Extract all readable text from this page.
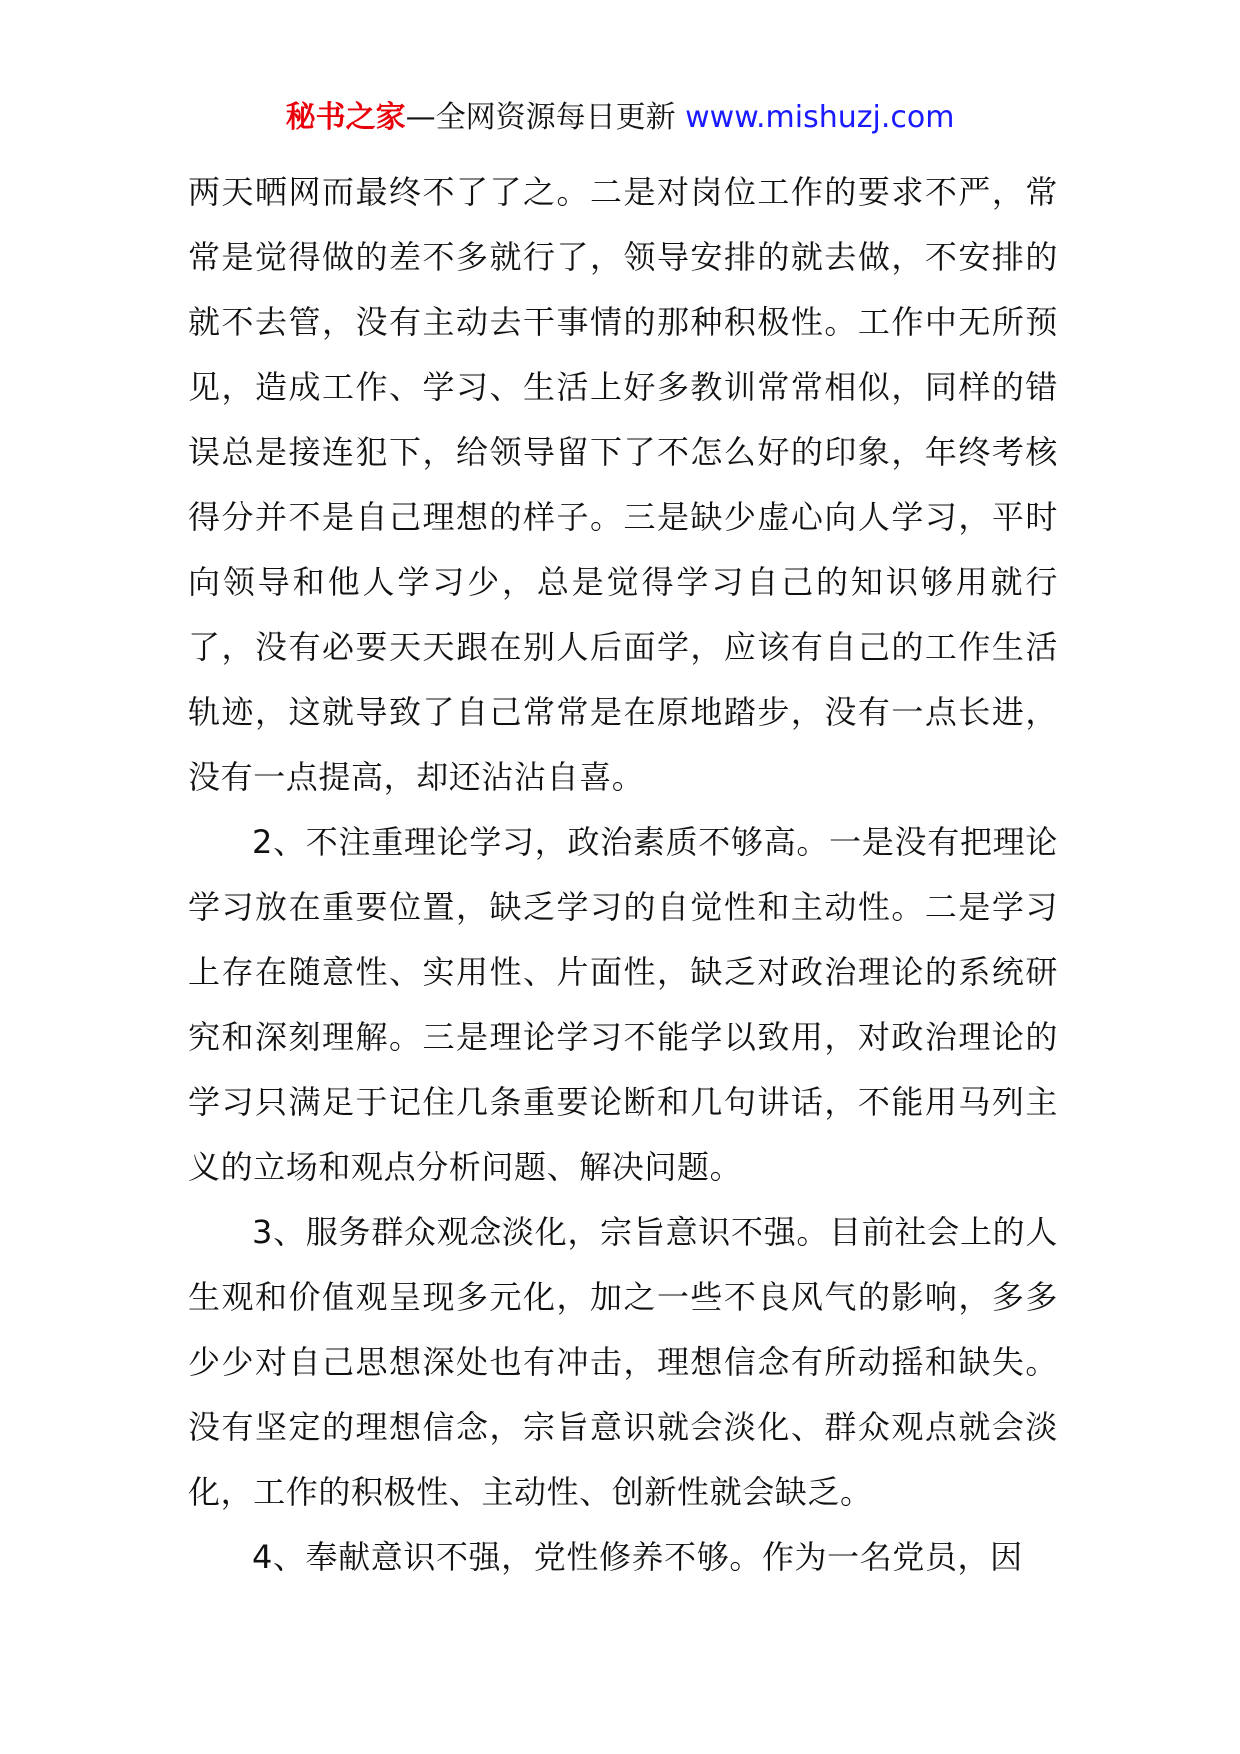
秘书之家—全网资源每日更新 www.mishuzj.com

两天晒网而最终不了了之。二是对岗位工作的要求不严，常常是觉得做的差不多就行了，领导安排的就去做，不安排的就不去管，没有主动去干事情的那种积极性。工作中无所预见，造成工作、学习、生活上好多教训常常相似，同样的错误总是接连犯下，给领导留下了不怎么好的印象，年终考核得分并不是自己理想的样子。三是缺少虚心向人学习，平时向领导和他人学习少，总是觉得学习自己的知识够用就行了，没有必要天天跟在别人后面学，应该有自己的工作生活轨迹，这就导致了自己常常是在原地踏步，没有一点长进，没有一点提高，却还沾沾自喜。

2、不注重理论学习，政治素质不够高。一是没有把理论学习放在重要位置，缺乏学习的自觉性和主动性。二是学习上存在随意性、实用性、片面性，缺乏对政治理论的系统研究和深刻理解。三是理论学习不能学以致用，对政治理论的学习只满足于记住几条重要论断和几句讲话，不能用马列主义的立场和观点分析问题、解决问题。

3、服务群众观念淡化，宗旨意识不强。目前社会上的人生观和价值观呈现多元化，加之一些不良风气的影响，多多少少对自己思想深处也有冲击，理想信念有所动摇和缺失。没有坚定的理想信念，宗旨意识就会淡化、群众观点就会淡化，工作的积极性、主动性、创新性就会缺乏。

4、奉献意识不强，党性修养不够。作为一名党员，因
